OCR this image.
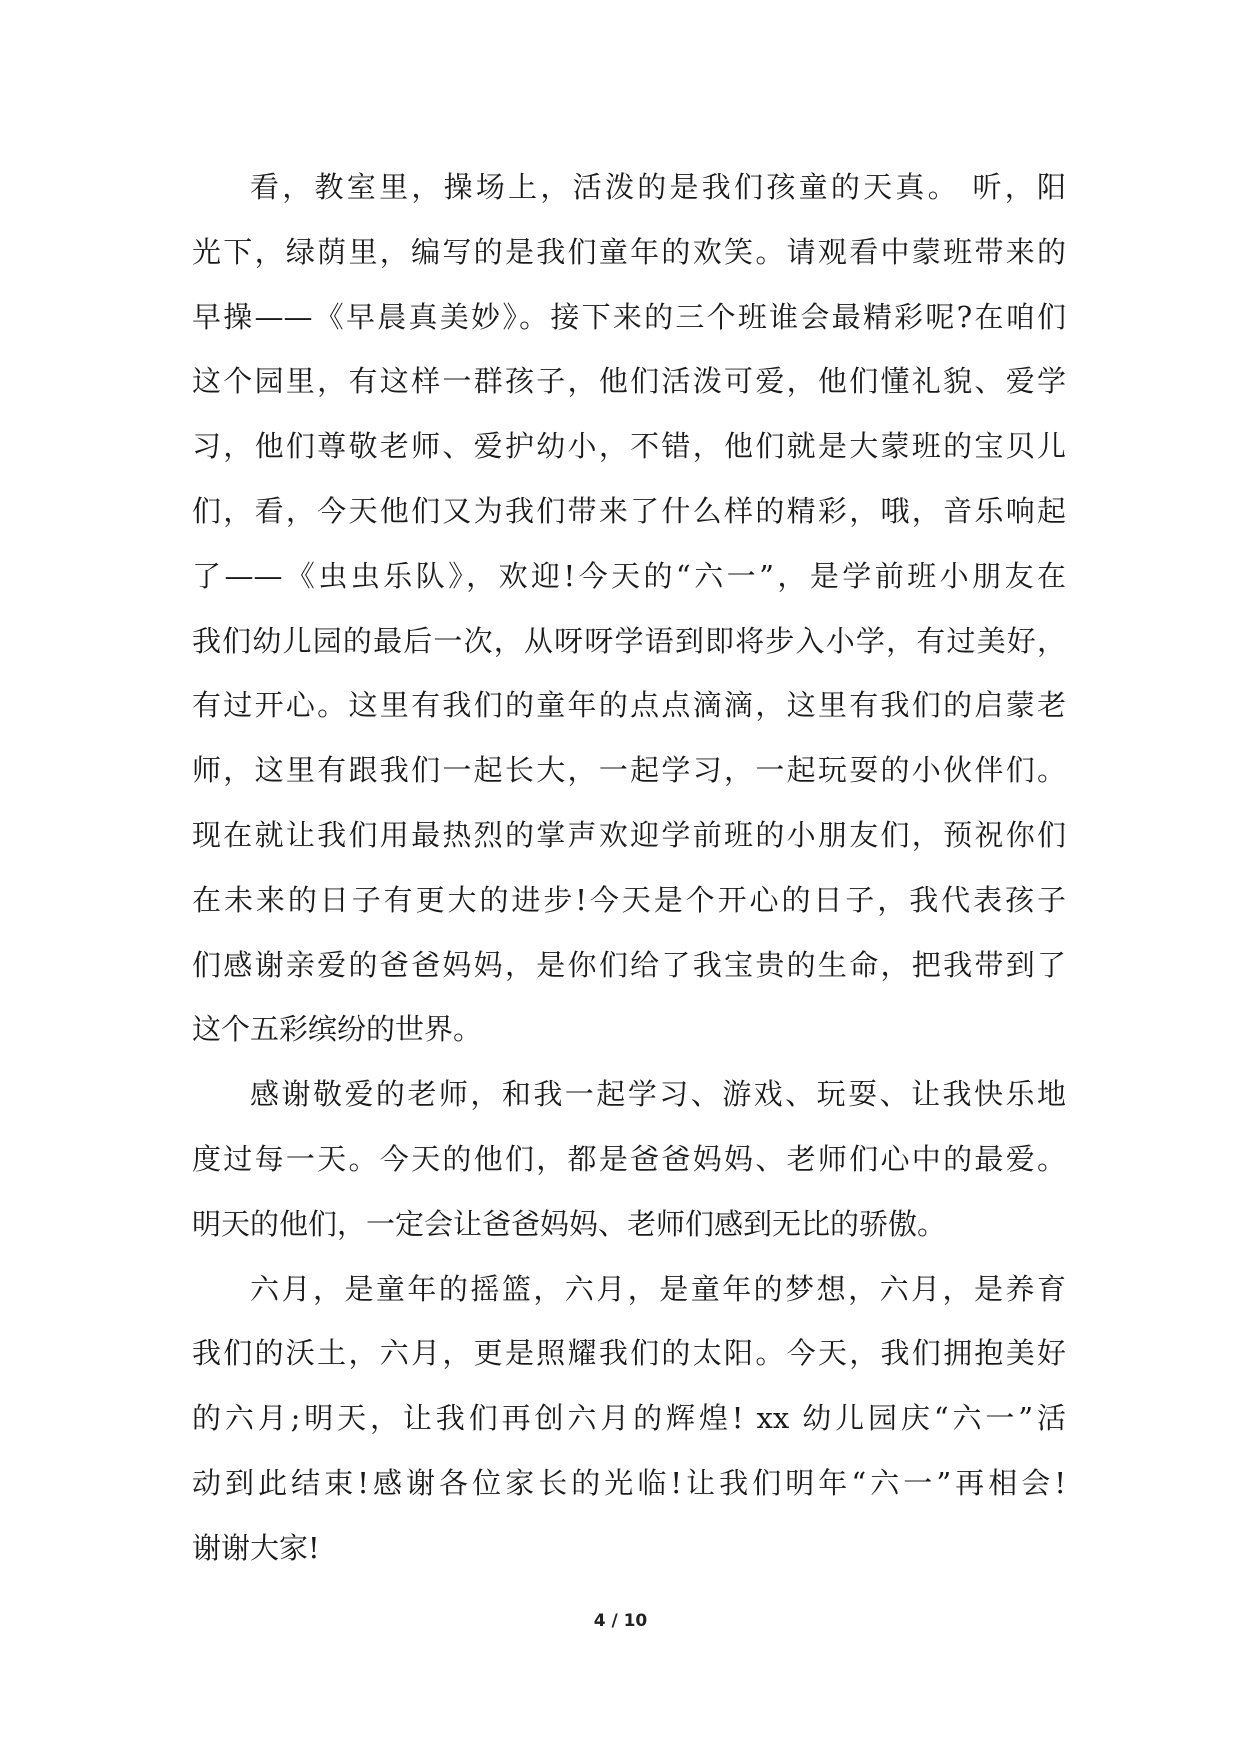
看，教室里，操场上，活泼的是我们孩童的天真。 听，阳
光下，绿荫里，编写的是我们童年的欢笑。请观看中蒙班带来的
早操——《早晨真美妙》。接下来的三个班谁会最精彩呢?在咱们
这个园里，有这样一群孩子，他们活泼可爱，他们懂礼貌、爱学
习，他们尊敬老师、爱护幼小，不错，他们就是大蒙班的宝贝儿
们，看，今天他们又为我们带来了什么样的精彩，哦，音乐响起
了——《虫虫乐队》，欢迎!今天的“六一”，是学前班小朋友在
我们幼儿园的最后一次，从呀呀学语到即将步入小学，有过美好，
有过开心。这里有我们的童年的点点滴滴，这里有我们的启蒙老
师，这里有跟我们一起长大，一起学习，一起玩耍的小伙伴们。
现在就让我们用最热烈的掌声欢迎学前班的小朋友们，预祝你们
在未来的日子有更大的进步!今天是个开心的日子，我代表孩子
们感谢亲爱的爸爸妈妈，是你们给了我宝贵的生命，把我带到了
这个五彩缤纷的世界。
感谢敬爱的老师，和我一起学习、游戏、玩耍、让我快乐地
度过每一天。今天的他们，都是爸爸妈妈、老师们心中的最爱。
明天的他们，一定会让爸爸妈妈、老师们感到无比的骄傲。
六月，是童年的摇篮，六月，是童年的梦想，六月，是养育
我们的沃土，六月，更是照耀我们的太阳。今天，我们拥抱美好
的六月;明天，让我们再创六月的辉煌! xx 幼儿园庆“六一”活
动到此结束!感谢各位家长的光临!让我们明年“六一”再相会!
谢谢大家!
4 / 10
